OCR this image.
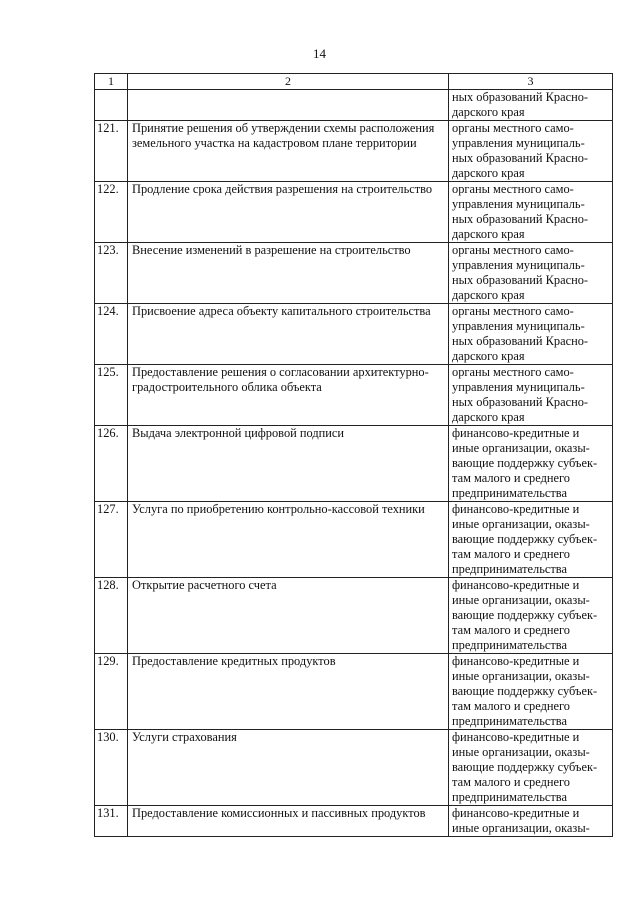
14
1	2	3

		ных образований Красно-
дарского края

121.	Принятие решения об утверждении схемы расположения земельного участка на кадастровом плане территории	органы местного само-
управления муниципаль-
ных образований Красно-
дарского края

122.	Продление срока действия разрешения на строительство	органы местного само-
управления муниципаль-
ных образований Красно-
дарского края

123.	Внесение изменений в разрешение на строительство	органы местного само-
управления муниципаль-
ных образований Красно-
дарского края

124.	Присвоение адреса объекту капитального строительства	органы местного само-
управления муниципаль-
ных образований Красно-
дарского края

125.	Предоставление решения о согласовании архитектурно-градостроительного облика объекта	органы местного само-
управления муниципаль-
ных образований Красно-
дарского края

126.	Выдача электронной цифровой подписи	финансово-кредитные и
иные организации, оказы-
вающие поддержку субъек-
там малого и среднего
предпринимательства

127.	Услуга по приобретению контрольно-кассовой техники	финансово-кредитные и
иные организации, оказы-
вающие поддержку субъек-
там малого и среднего
предпринимательства

128.	Открытие расчетного счета	финансово-кредитные и
иные организации, оказы-
вающие поддержку субъек-
там малого и среднего
предпринимательства

129.	Предоставление кредитных продуктов	финансово-кредитные и
иные организации, оказы-
вающие поддержку субъек-
там малого и среднего
предпринимательства

130.	Услуги страхования	финансово-кредитные и
иные организации, оказы-
вающие поддержку субъек-
там малого и среднего
предпринимательства

131.	Предоставление комиссионных и пассивных продуктов	финансово-кредитные и
иные организации, оказы-
